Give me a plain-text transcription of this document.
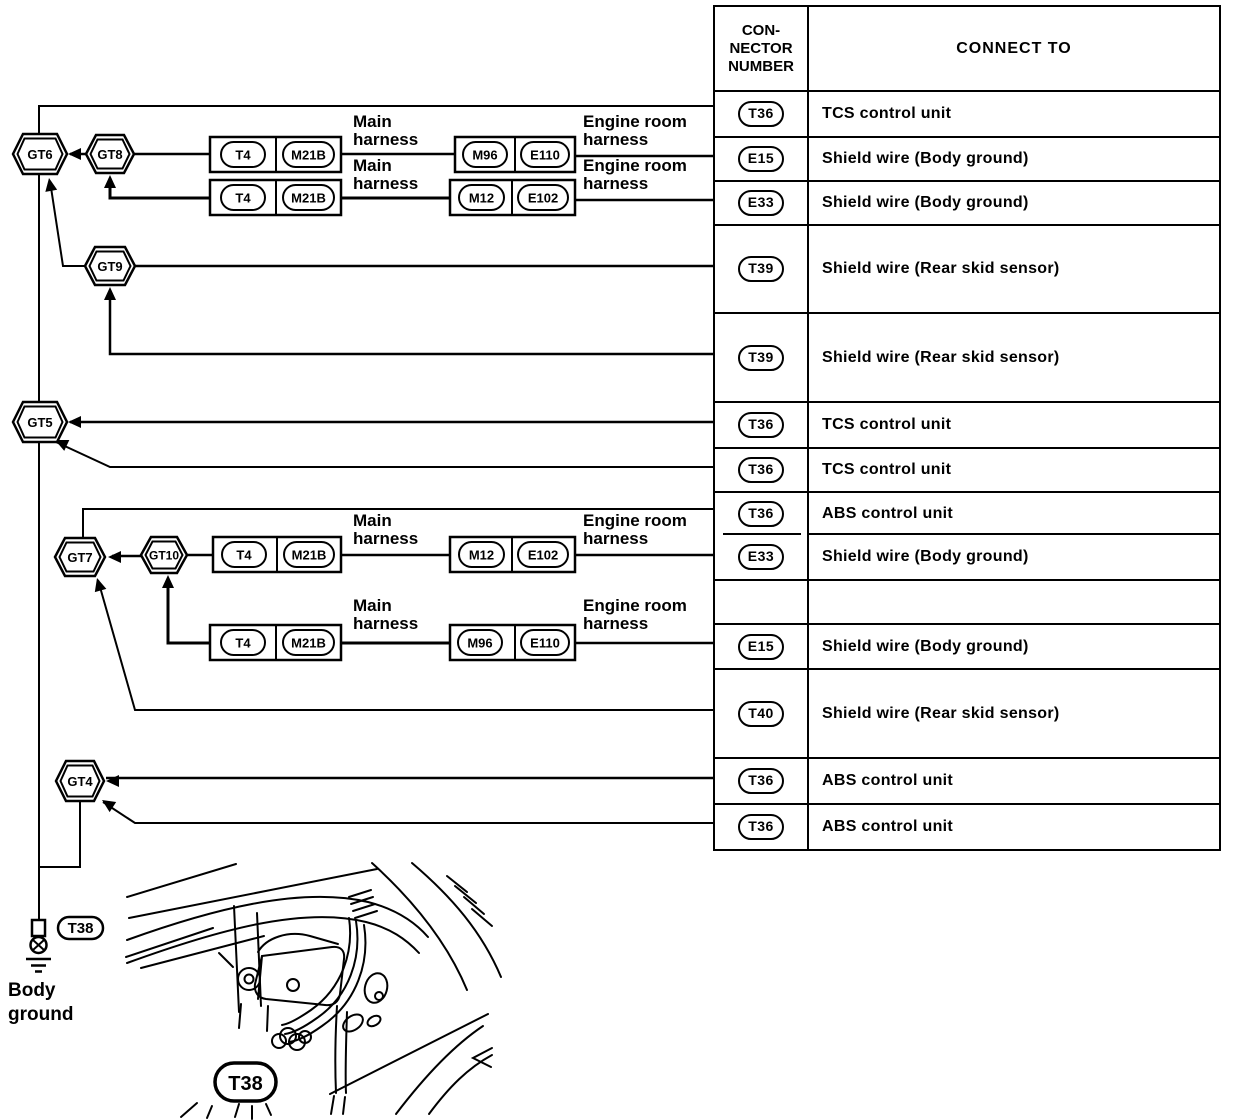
GT6	GT8
GT9
GT5
GT7	GT10
GT4
Main
harness
Main
harness
Engine room
harness
Engine room
harness
Main
harness
Main
harness
Engine room
harness
Engine room
harness
T4	M21B
T4	M21B
M96	E110
M12	E102
T4	M21B	M12	E102
T4	M21B	M96	E110
T38
Body
ground
T38
CON-
NECTOR
NUMBER
CONNECT TO
T36	TCS control unit
E15	Shield wire (Body ground)
E33	Shield wire (Body ground)
T39	Shield wire (Rear skid sensor)
T39	Shield wire (Rear skid sensor)
T36	TCS control unit
T36	TCS control unit
T36	ABS control unit
E33	Shield wire (Body ground)
E15	Shield wire (Body ground)
T40	Shield wire (Rear skid sensor)
T36	ABS control unit
T36	ABS control unit
